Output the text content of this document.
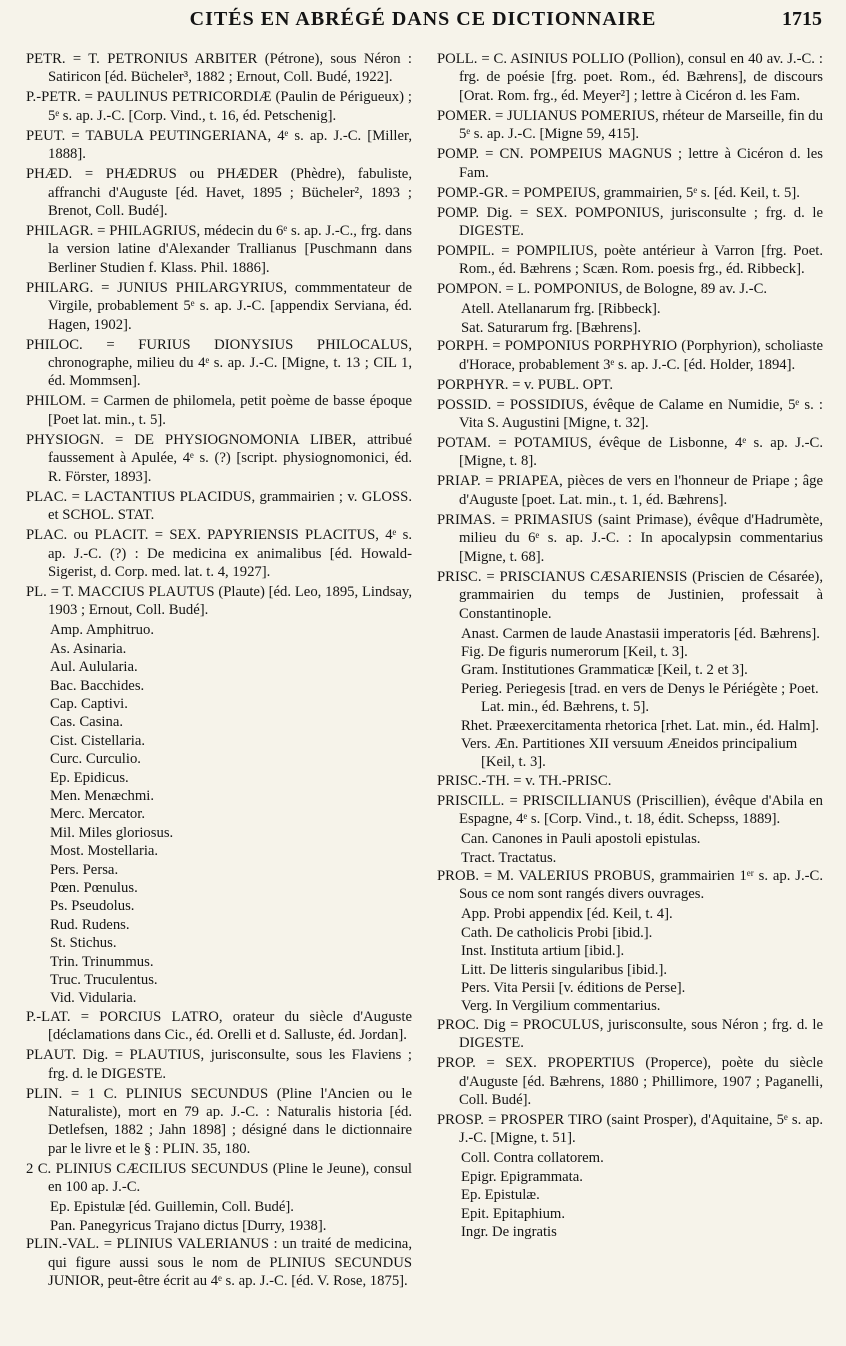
CITÉS EN ABRÉGÉ DANS CE DICTIONNAIRE	1715
PETR. = T. PETRONIUS ARBITER (Pétrone), sous Néron : Satiricon [éd. Bücheler³, 1882 ; Ernout, Coll. Budé, 1922].
P.-PETR. = PAULINUS PETRICORDIÆ (Paulin de Périgueux) ; 5ᵉ s. ap. J.-C. [Corp. Vind., t. 16, éd. Petschenig].
PEUT. = TABULA PEUTINGERIANA, 4ᵉ s. ap. J.-C. [Miller, 1888].
PHÆD. = PHÆDRUS ou PHÆDER (Phèdre), fabuliste, affranchi d'Auguste [éd. Havet, 1895 ; Bücheler², 1893 ; Brenot, Coll. Budé].
PHILAGR. = PHILAGRIUS, médecin du 6ᵉ s. ap. J.-C., frg. dans la version latine d'Alexander Trallianus [Puschmann dans Berliner Studien f. Klass. Phil. 1886].
PHILARG. = JUNIUS PHILARGYRIUS, commmentateur de Virgile, probablement 5ᵉ s. ap. J.-C. [appendix Serviana, éd. Hagen, 1902].
PHILOC. = FURIUS DIONYSIUS PHILOCALUS, chronographe, milieu du 4ᵉ s. ap. J.-C. [Migne, t. 13 ; CIL 1, éd. Mommsen].
PHILOM. = Carmen de philomela, petit poème de basse époque [Poet lat. min., t. 5].
PHYSIOGN. = DE PHYSIOGNOMONIA LIBER, attribué faussement à Apulée, 4ᵉ s. (?) [script. physiognomonici, éd. R. Förster, 1893].
PLAC. = LACTANTIUS PLACIDUS, grammairien ; v. GLOSS. et SCHOL. STAT.
PLAC. ou PLACIT. = SEX. PAPYRIENSIS PLACITUS, 4ᵉ s. ap. J.-C. (?) : De medicina ex animalibus [éd. Howald-Sigerist, d. Corp. med. lat. t. 4, 1927].
PL. = T. MACCIUS PLAUTUS (Plaute) [éd. Leo, 1895, Lindsay, 1903 ; Ernout, Coll. Budé].
Amp. Amphitruo.
As. Asinaria.
Aul. Aulularia.
Bac. Bacchides.
Cap. Captivi.
Cas. Casina.
Cist. Cistellaria.
Curc. Curculio.
Ep. Epidicus.
Men. Menæchmi.
Merc. Mercator.
Mil. Miles gloriosus.
Most. Mostellaria.
Pers. Persa.
Pœn. Pœnulus.
Ps. Pseudolus.
Rud. Rudens.
St. Stichus.
Trin. Trinummus.
Truc. Truculentus.
Vid. Vidularia.
P.-LAT. = PORCIUS LATRO, orateur du siècle d'Auguste [déclamations dans Cic., éd. Orelli et d. Salluste, éd. Jordan].
PLAUT. Dig. = PLAUTIUS, jurisconsulte, sous les Flaviens ; frg. d. le DIGESTE.
PLIN. = 1 C. PLINIUS SECUNDUS (Pline l'Ancien ou le Naturaliste), mort en 79 ap. J.-C. : Naturalis historia [éd. Detlefsen, 1882 ; Jahn 1898] ; désigné dans le dictionnaire par le livre et le § : PLIN. 35, 180.
2 C. PLINIUS CÆCILIUS SECUNDUS (Pline le Jeune), consul en 100 ap. J.-C.
Ep. Epistulæ [éd. Guillemin, Coll. Budé].
Pan. Panegyricus Trajano dictus [Durry, 1938].
PLIN.-VAL. = PLINIUS VALERIANUS : un traité de medicina, qui figure aussi sous le nom de PLINIUS SECUNDUS JUNIOR, peut-être écrit au 4ᵉ s. ap. J.-C. [éd. V. Rose, 1875].
POLL. = C. ASINIUS POLLIO (Pollion), consul en 40 av. J.-C. : frg. de poésie [frg. poet. Rom., éd. Bæhrens], de discours [Orat. Rom. frg., éd. Meyer²] ; lettre à Cicéron d. les Fam.
POMER. = JULIANUS POMERIUS, rhéteur de Marseille, fin du 5ᵉ s. ap. J.-C. [Migne 59, 415].
POMP. = CN. POMPEIUS MAGNUS ; lettre à Cicéron d. les Fam.
POMP.-GR. = POMPEIUS, grammairien, 5ᵉ s. [éd. Keil, t. 5].
POMP. Dig. = SEX. POMPONIUS, jurisconsulte ; frg. d. le DIGESTE.
POMPIL. = POMPILIUS, poète antérieur à Varron [frg. Poet. Rom., éd. Bæhrens ; Scæn. Rom. poesis frg., éd. Ribbeck].
POMPON. = L. POMPONIUS, de Bologne, 89 av. J.-C.
Atell. Atellanarum frg. [Ribbeck].
Sat. Saturarum frg. [Bæhrens].
PORPH. = POMPONIUS PORPHYRIO (Porphyrion), scholiaste d'Horace, probablement 3ᵉ s. ap. J.-C. [éd. Holder, 1894].
PORPHYR. = v. PUBL. OPT.
POSSID. = POSSIDIUS, évêque de Calame en Numidie, 5ᵉ s. : Vita S. Augustini [Migne, t. 32].
POTAM. = POTAMIUS, évêque de Lisbonne, 4ᵉ s. ap. J.-C. [Migne, t. 8].
PRIAP. = PRIAPEA, pièces de vers en l'honneur de Priape ; âge d'Auguste [poet. Lat. min., t. 1, éd. Bæhrens].
PRIMAS. = PRIMASIUS (saint Primase), évêque d'Hadrumète, milieu du 6ᵉ s. ap. J.-C. : In apocalypsin commentarius [Migne, t. 68].
PRISC. = PRISCIANUS CÆSARIENSIS (Priscien de Césarée), grammairien du temps de Justinien, professait à Constantinople.
Anast. Carmen de laude Anastasii imperatoris [éd. Bæhrens].
Fig. De figuris numerorum [Keil, t. 3].
Gram. Institutiones Grammaticæ [Keil, t. 2 et 3].
Perieg. Periegesis [trad. en vers de Denys le Périégète ; Poet. Lat. min., éd. Bæhrens, t. 5].
Rhet. Præexercitamenta rhetorica [rhet. Lat. min., éd. Halm].
Vers. Æn. Partitiones XII versuum Æneidos principalium [Keil, t. 3].
PRISC.-TH. = v. TH.-PRISC.
PRISCILL. = PRISCILLIANUS (Priscillien), évêque d'Abila en Espagne, 4ᵉ s. [Corp. Vind., t. 18, édit. Schepss, 1889].
Can. Canones in Pauli apostoli epistulas.
Tract. Tractatus.
PROB. = M. VALERIUS PROBUS, grammairien 1ᵉʳ s. ap. J.-C. Sous ce nom sont rangés divers ouvrages.
App. Probi appendix [éd. Keil, t. 4].
Cath. De catholicis Probi [ibid.].
Inst. Instituta artium [ibid.].
Litt. De litteris singularibus [ibid.].
Pers. Vita Persii [v. éditions de Perse].
Verg. In Vergilium commentarius.
PROC. Dig = PROCULUS, jurisconsulte, sous Néron ; frg. d. le DIGESTE.
PROP. = SEX. PROPERTIUS (Properce), poète du siècle d'Auguste [éd. Bæhrens, 1880 ; Phillimore, 1907 ; Paganelli, Coll. Budé].
PROSP. = PROSPER TIRO (saint Prosper), d'Aquitaine, 5ᵉ s. ap. J.-C. [Migne, t. 51].
Coll. Contra collatorem.
Epigr. Epigrammata.
Ep. Epistulæ.
Epit. Epitaphium.
Ingr. De ingratis
